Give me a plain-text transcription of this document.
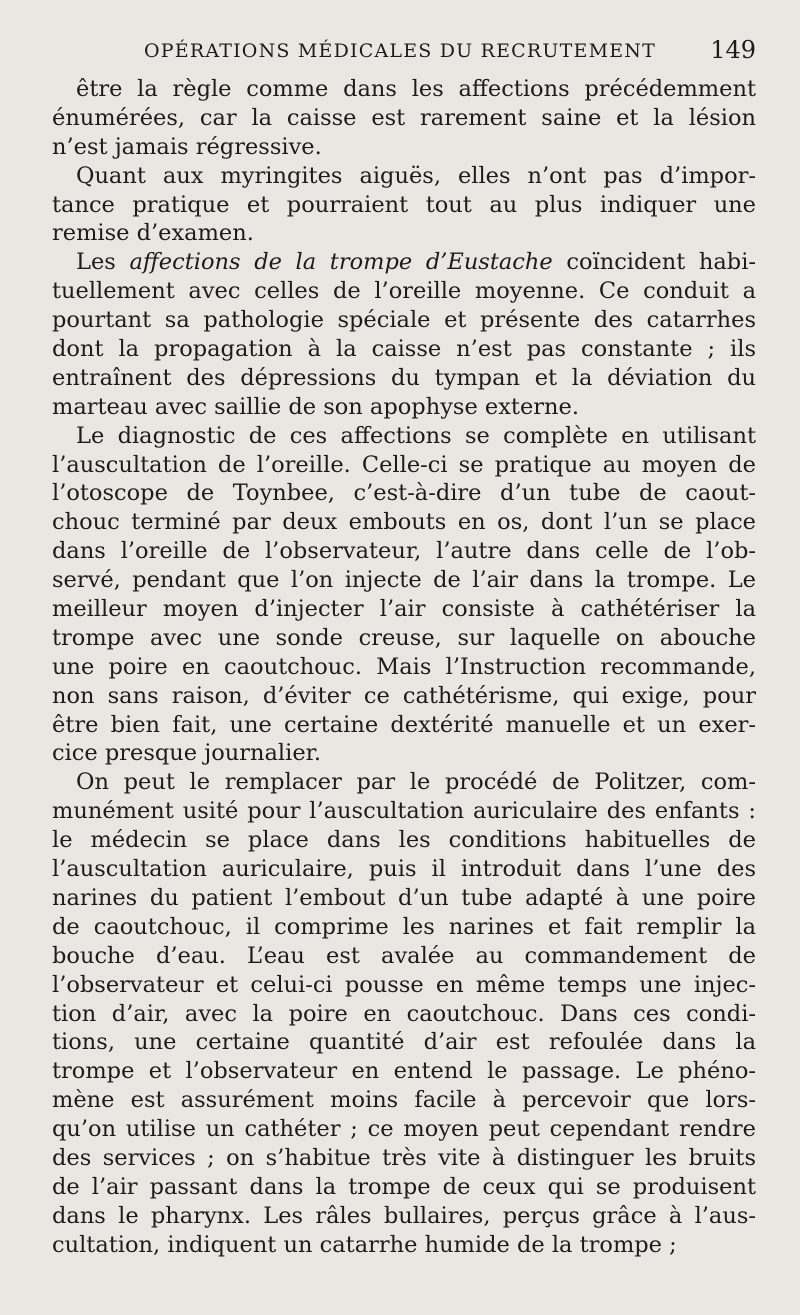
OPÉRATIONS MÉDICALES DU RECRUTEMENT 149
être la règle comme dans les affections précédemment
énumérées, car la caisse est rarement saine et la lésion
n’est jamais régressive.
Quant aux myringites aiguës, elles n’ont pas d’impor-
tance pratique et pourraient tout au plus indiquer une
remise d’examen.
Les affections de la trompe d’Eustache coïncident habi-
tuellement avec celles de l’oreille moyenne. Ce conduit a
pourtant sa pathologie spéciale et présente des catarrhes
dont la propagation à la caisse n’est pas constante ; ils
entraînent des dépressions du tympan et la déviation du
marteau avec saillie de son apophyse externe.
Le diagnostic de ces affections se complète en utilisant
l’auscultation de l’oreille. Celle-ci se pratique au moyen de
l’otoscope de Toynbee, c’est-à-dire d’un tube de caout-
chouc terminé par deux embouts en os, dont l’un se place
dans l’oreille de l’observateur, l’autre dans celle de l’ob-
servé, pendant que l’on injecte de l’air dans la trompe. Le
meilleur moyen d’injecter l’air consiste à cathétériser la
trompe avec une sonde creuse, sur laquelle on abouche
une poire en caoutchouc. Mais l’Instruction recommande,
non sans raison, d’éviter ce cathétérisme, qui exige, pour
être bien fait, une certaine dextérité manuelle et un exer-
cice presque journalier.
On peut le remplacer par le procédé de Politzer, com-
munément usité pour l’auscultation auriculaire des enfants :
le médecin se place dans les conditions habituelles de
l’auscultation auriculaire, puis il introduit dans l’une des
narines du patient l’embout d’un tube adapté à une poire
de caoutchouc, il comprime les narines et fait remplir la
bouche d’eau. L’eau est avalée au commandement de
l’observateur et celui-ci pousse en même temps une injec-
tion d’air, avec la poire en caoutchouc. Dans ces condi-
tions, une certaine quantité d’air est refoulée dans la
trompe et l’observateur en entend le passage. Le phéno-
mène est assurément moins facile à percevoir que lors-
qu’on utilise un cathéter ; ce moyen peut cependant rendre
des services ; on s’habitue très vite à distinguer les bruits
de l’air passant dans la trompe de ceux qui se produisent
dans le pharynx. Les râles bullaires, perçus grâce à l’aus-
cultation, indiquent un catarrhe humide de la trompe ;
